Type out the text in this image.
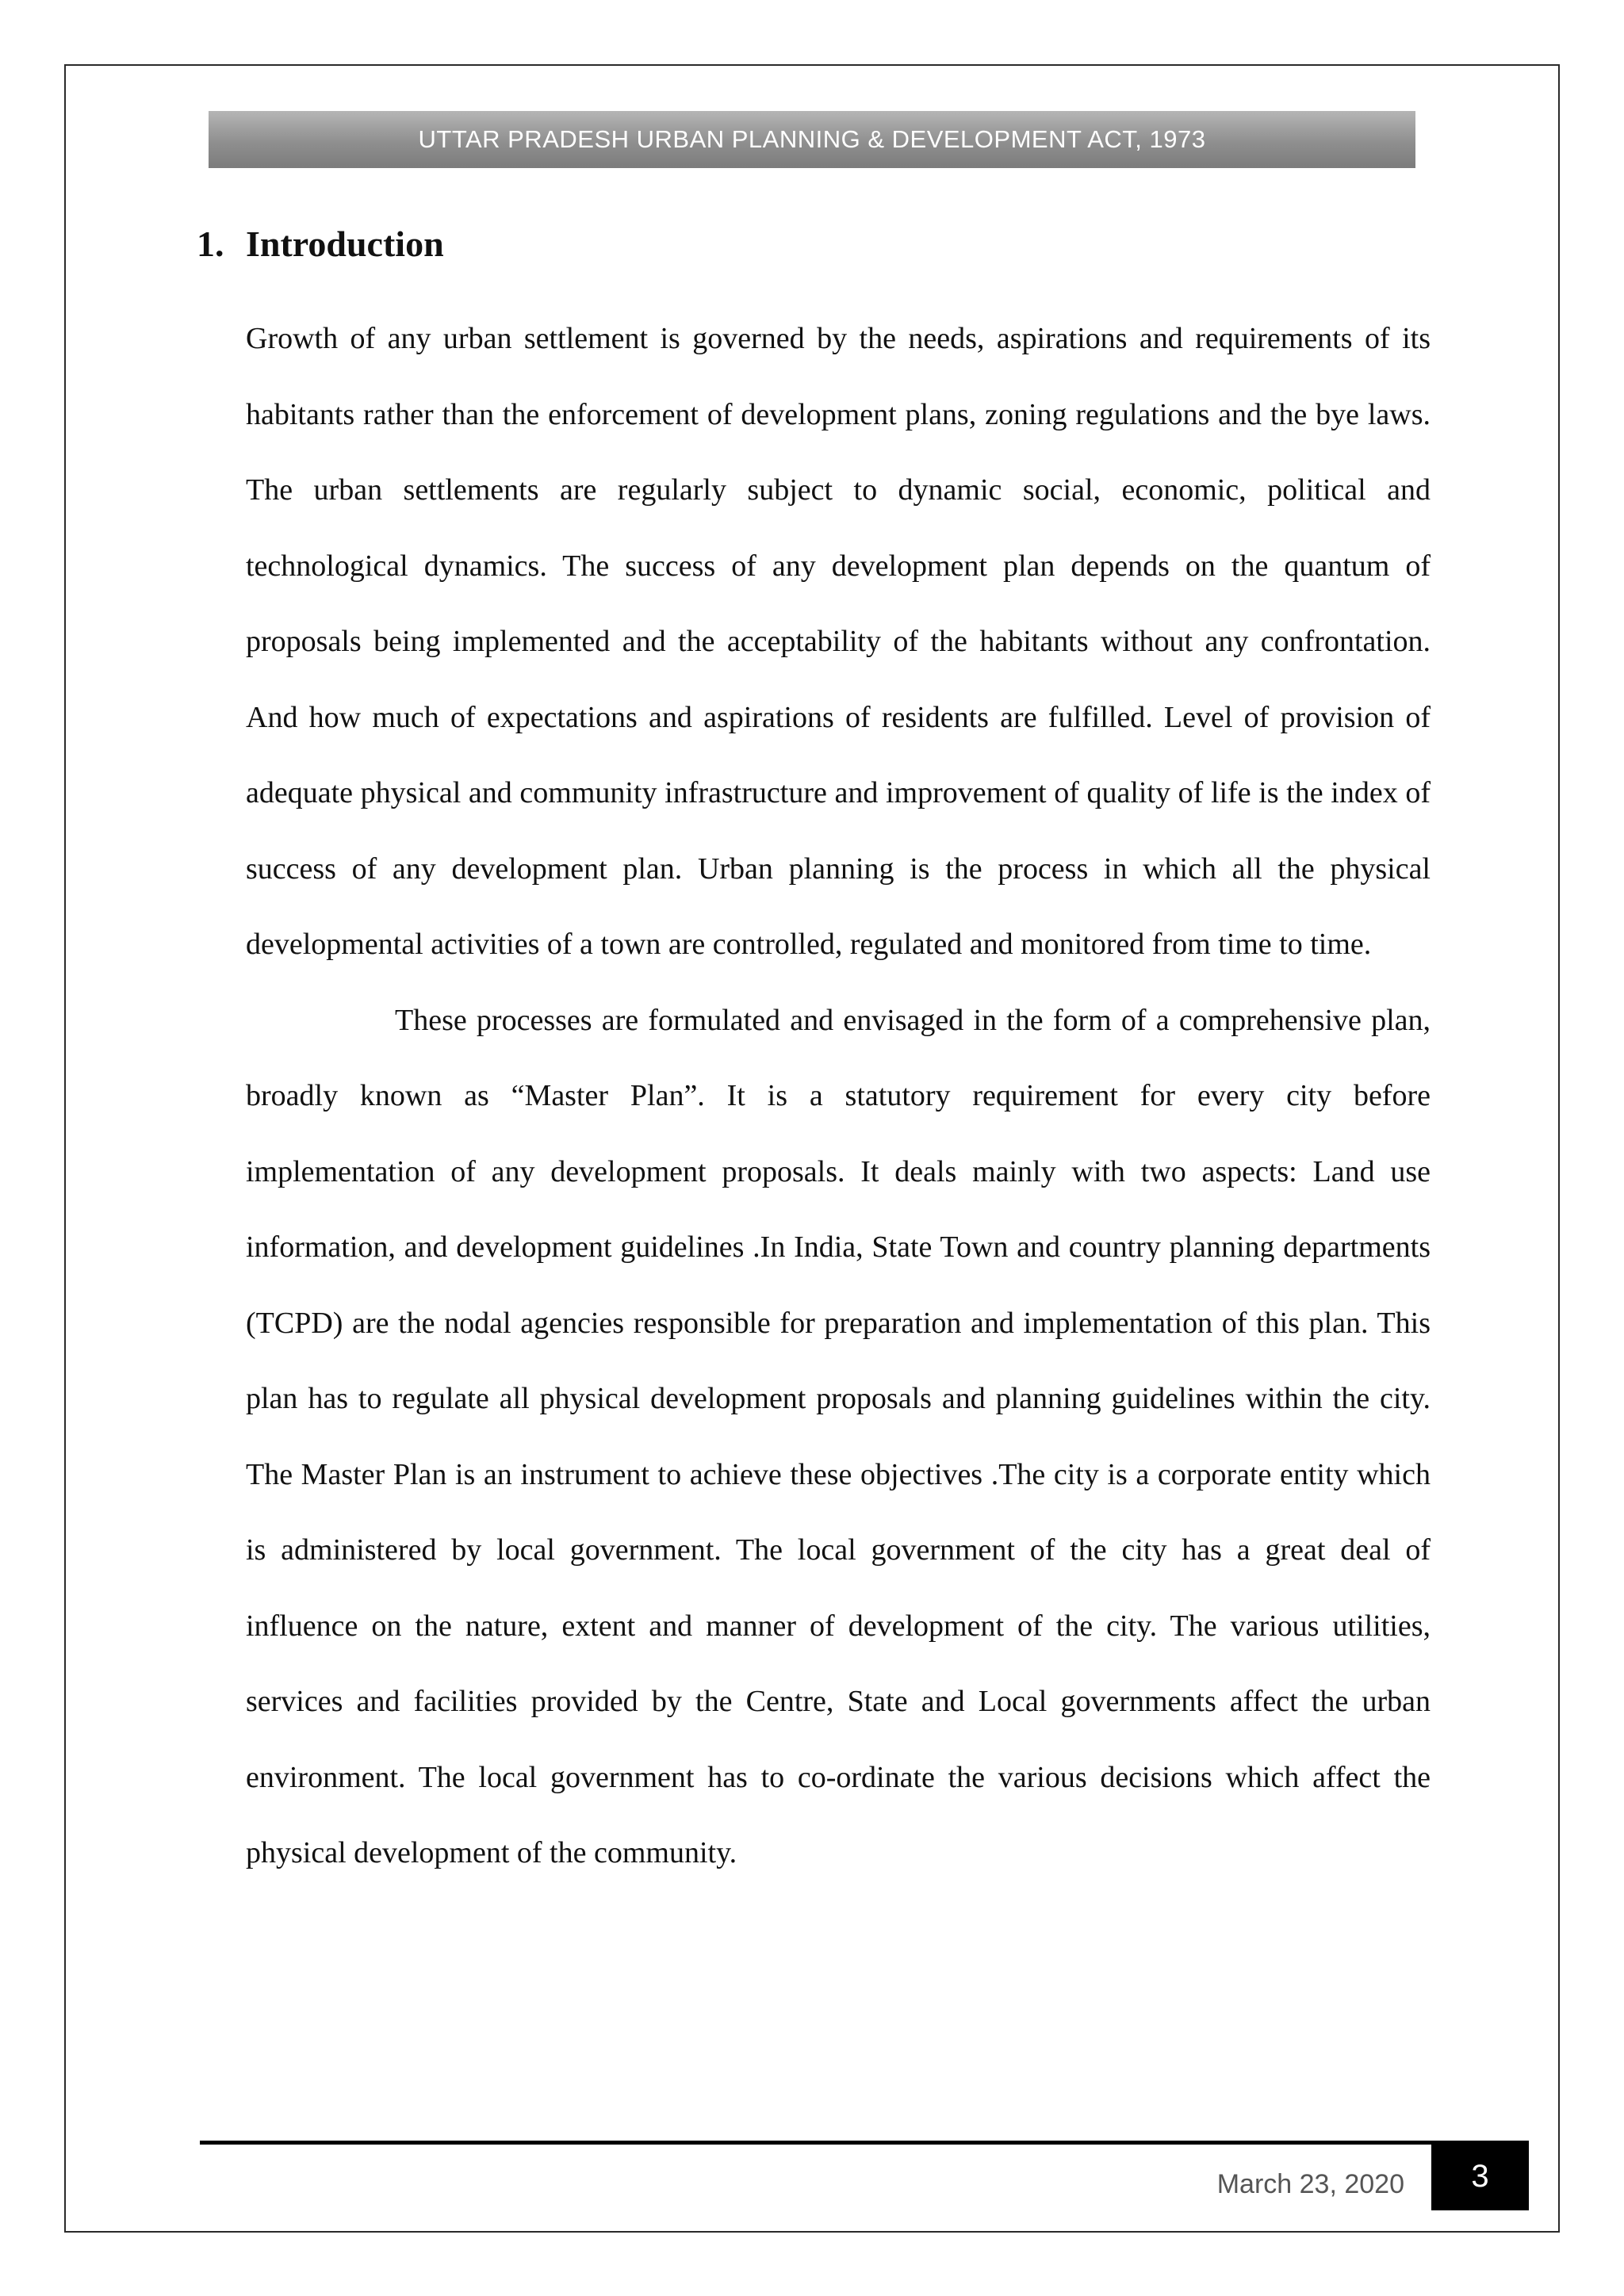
UTTAR PRADESH URBAN PLANNING & DEVELOPMENT ACT, 1973
1. Introduction

Growth of any urban settlement is governed by the needs, aspirations and requirements of its habitants rather than the enforcement of development plans, zoning regulations and the bye laws. The urban settlements are regularly subject to dynamic social, economic, political and technological dynamics. The success of any development plan depends on the quantum of proposals being implemented and the acceptability of the habitants without any confrontation. And how much of expectations and aspirations of residents are fulfilled. Level of provision of adequate physical and community infrastructure and improvement of quality of life is the index of success of any development plan. Urban planning is the process in which all the physical developmental activities of a town are controlled, regulated and monitored from time to time.

These processes are formulated and envisaged in the form of a comprehensive plan, broadly known as “Master Plan”. It is a statutory requirement for every city before implementation of any development proposals. It deals mainly with two aspects: Land use information, and development guidelines .In India, State Town and country planning departments (TCPD) are the nodal agencies responsible for preparation and implementation of this plan. This plan has to regulate all physical development proposals and planning guidelines within the city. The Master Plan is an instrument to achieve these objectives .The city is a corporate entity which is administered by local government. The local government of the city has a great deal of influence on the nature, extent and manner of development of the city. The various utilities, services and facilities provided by the Centre, State and Local governments affect the urban environment. The local government has to co-ordinate the various decisions which affect the physical development of the community.

March 23, 2020 3
